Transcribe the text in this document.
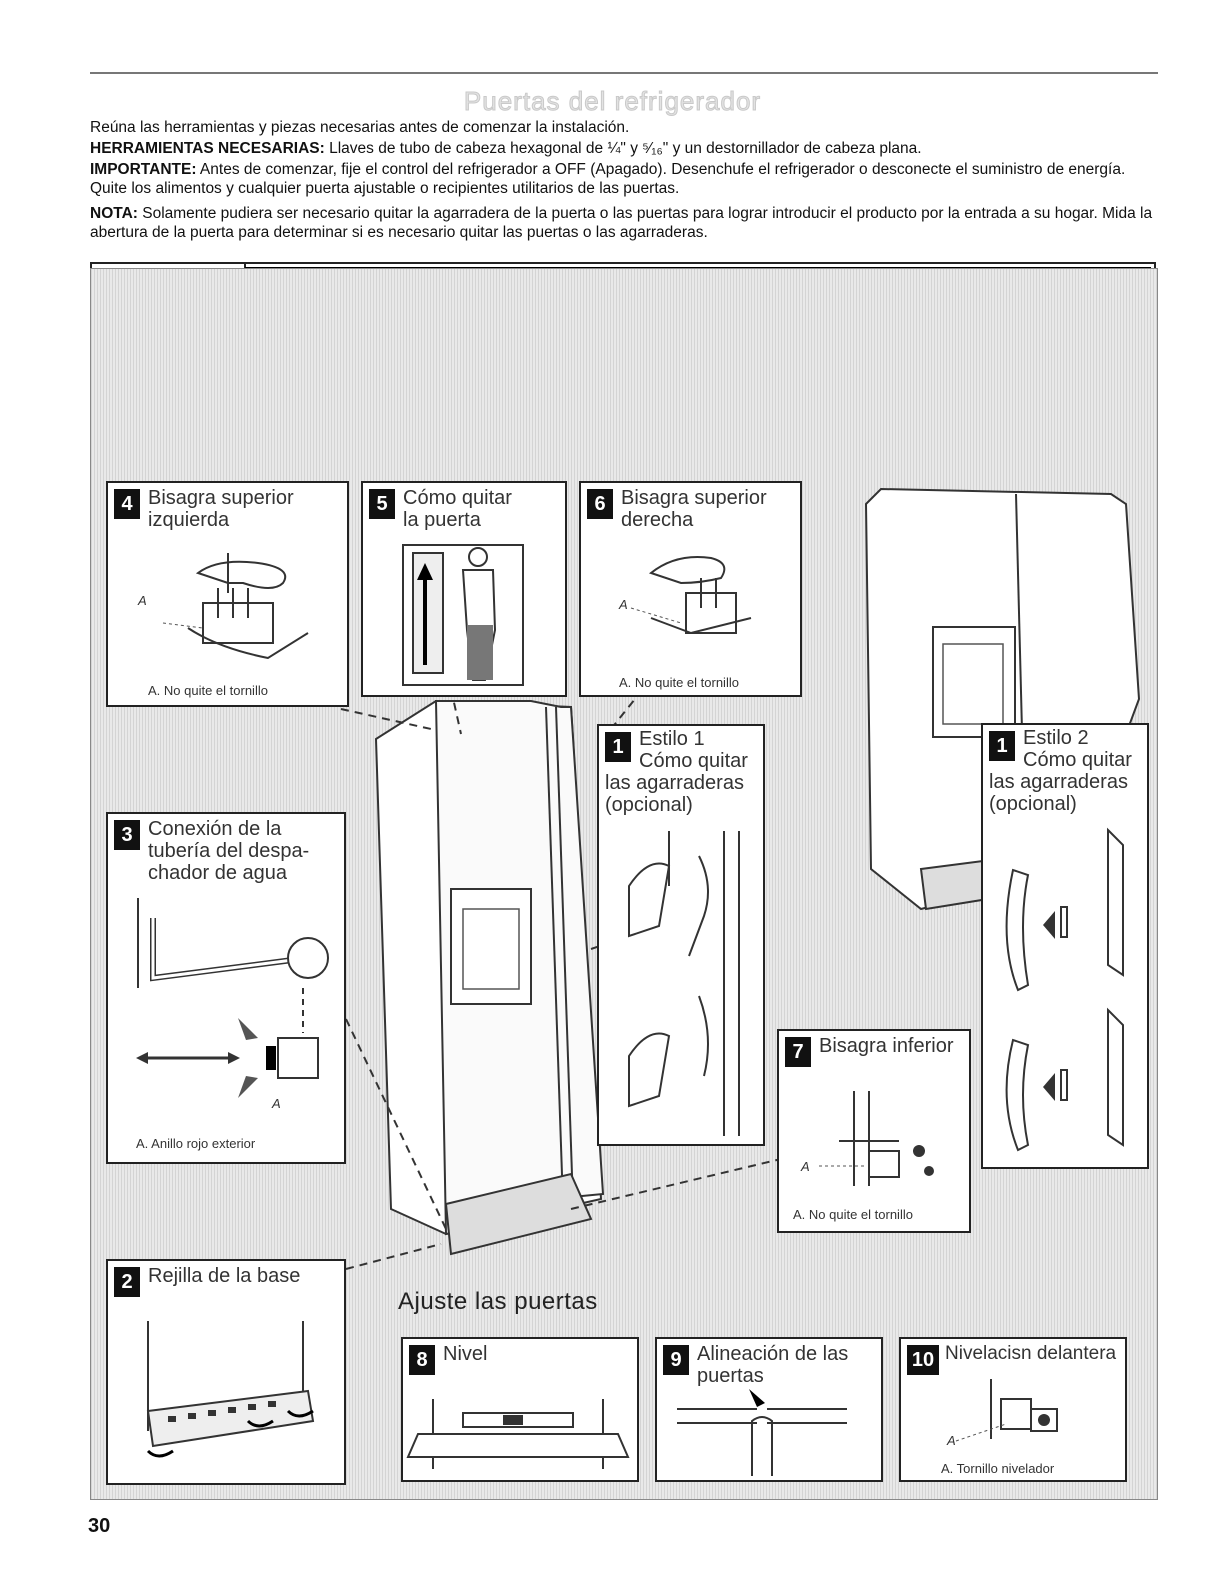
Puertas del refrigerador

Reúna las herramientas y piezas necesarias antes de comenzar la instalación.

HERRAMIENTAS NECESARIAS: Llaves de tubo de cabeza hexagonal de ¼" y ⁵⁄₁₆" y un destornillador de cabeza plana.

IMPORTANTE: Antes de comenzar, fije el control del refrigerador a OFF (Apagado). Desenchufe el refrigerador o desconecte el suministro de energía. Quite los alimentos y cualquier puerta ajustable o recipientes utilitarios de las puertas.

NOTA: Solamente pudiera ser necesario quitar la agarradera de la puerta o las puertas para lograr introducir el producto por la entrada a su hogar. Mida la abertura de la puerta para determinar si es necesario quitar las puertas o las agarraderas.

4 Bisagra superior
izquierda
A
A. No quite el tornillo
5 Cómo quitar
la puerta
6 Bisagra superior
derecha
A
A. No quite el tornillo
3 Conexión de la
tubería del despa-
chador de agua
A
A. Anillo rojo exterior
1 Estilo 1
Cómo quitar
las agarraderas
(opcional)
1 Estilo 2
Cómo quitar
las agarraderas
(opcional)
7 Bisagra inferior
A
A. No quite el tornillo
2 Rejilla de la base
Ajuste las puertas
8 Nivel	9 Alineación de las
puertas
10 Nivelacisn delantera
A
A. Tornillo nivelador
30
